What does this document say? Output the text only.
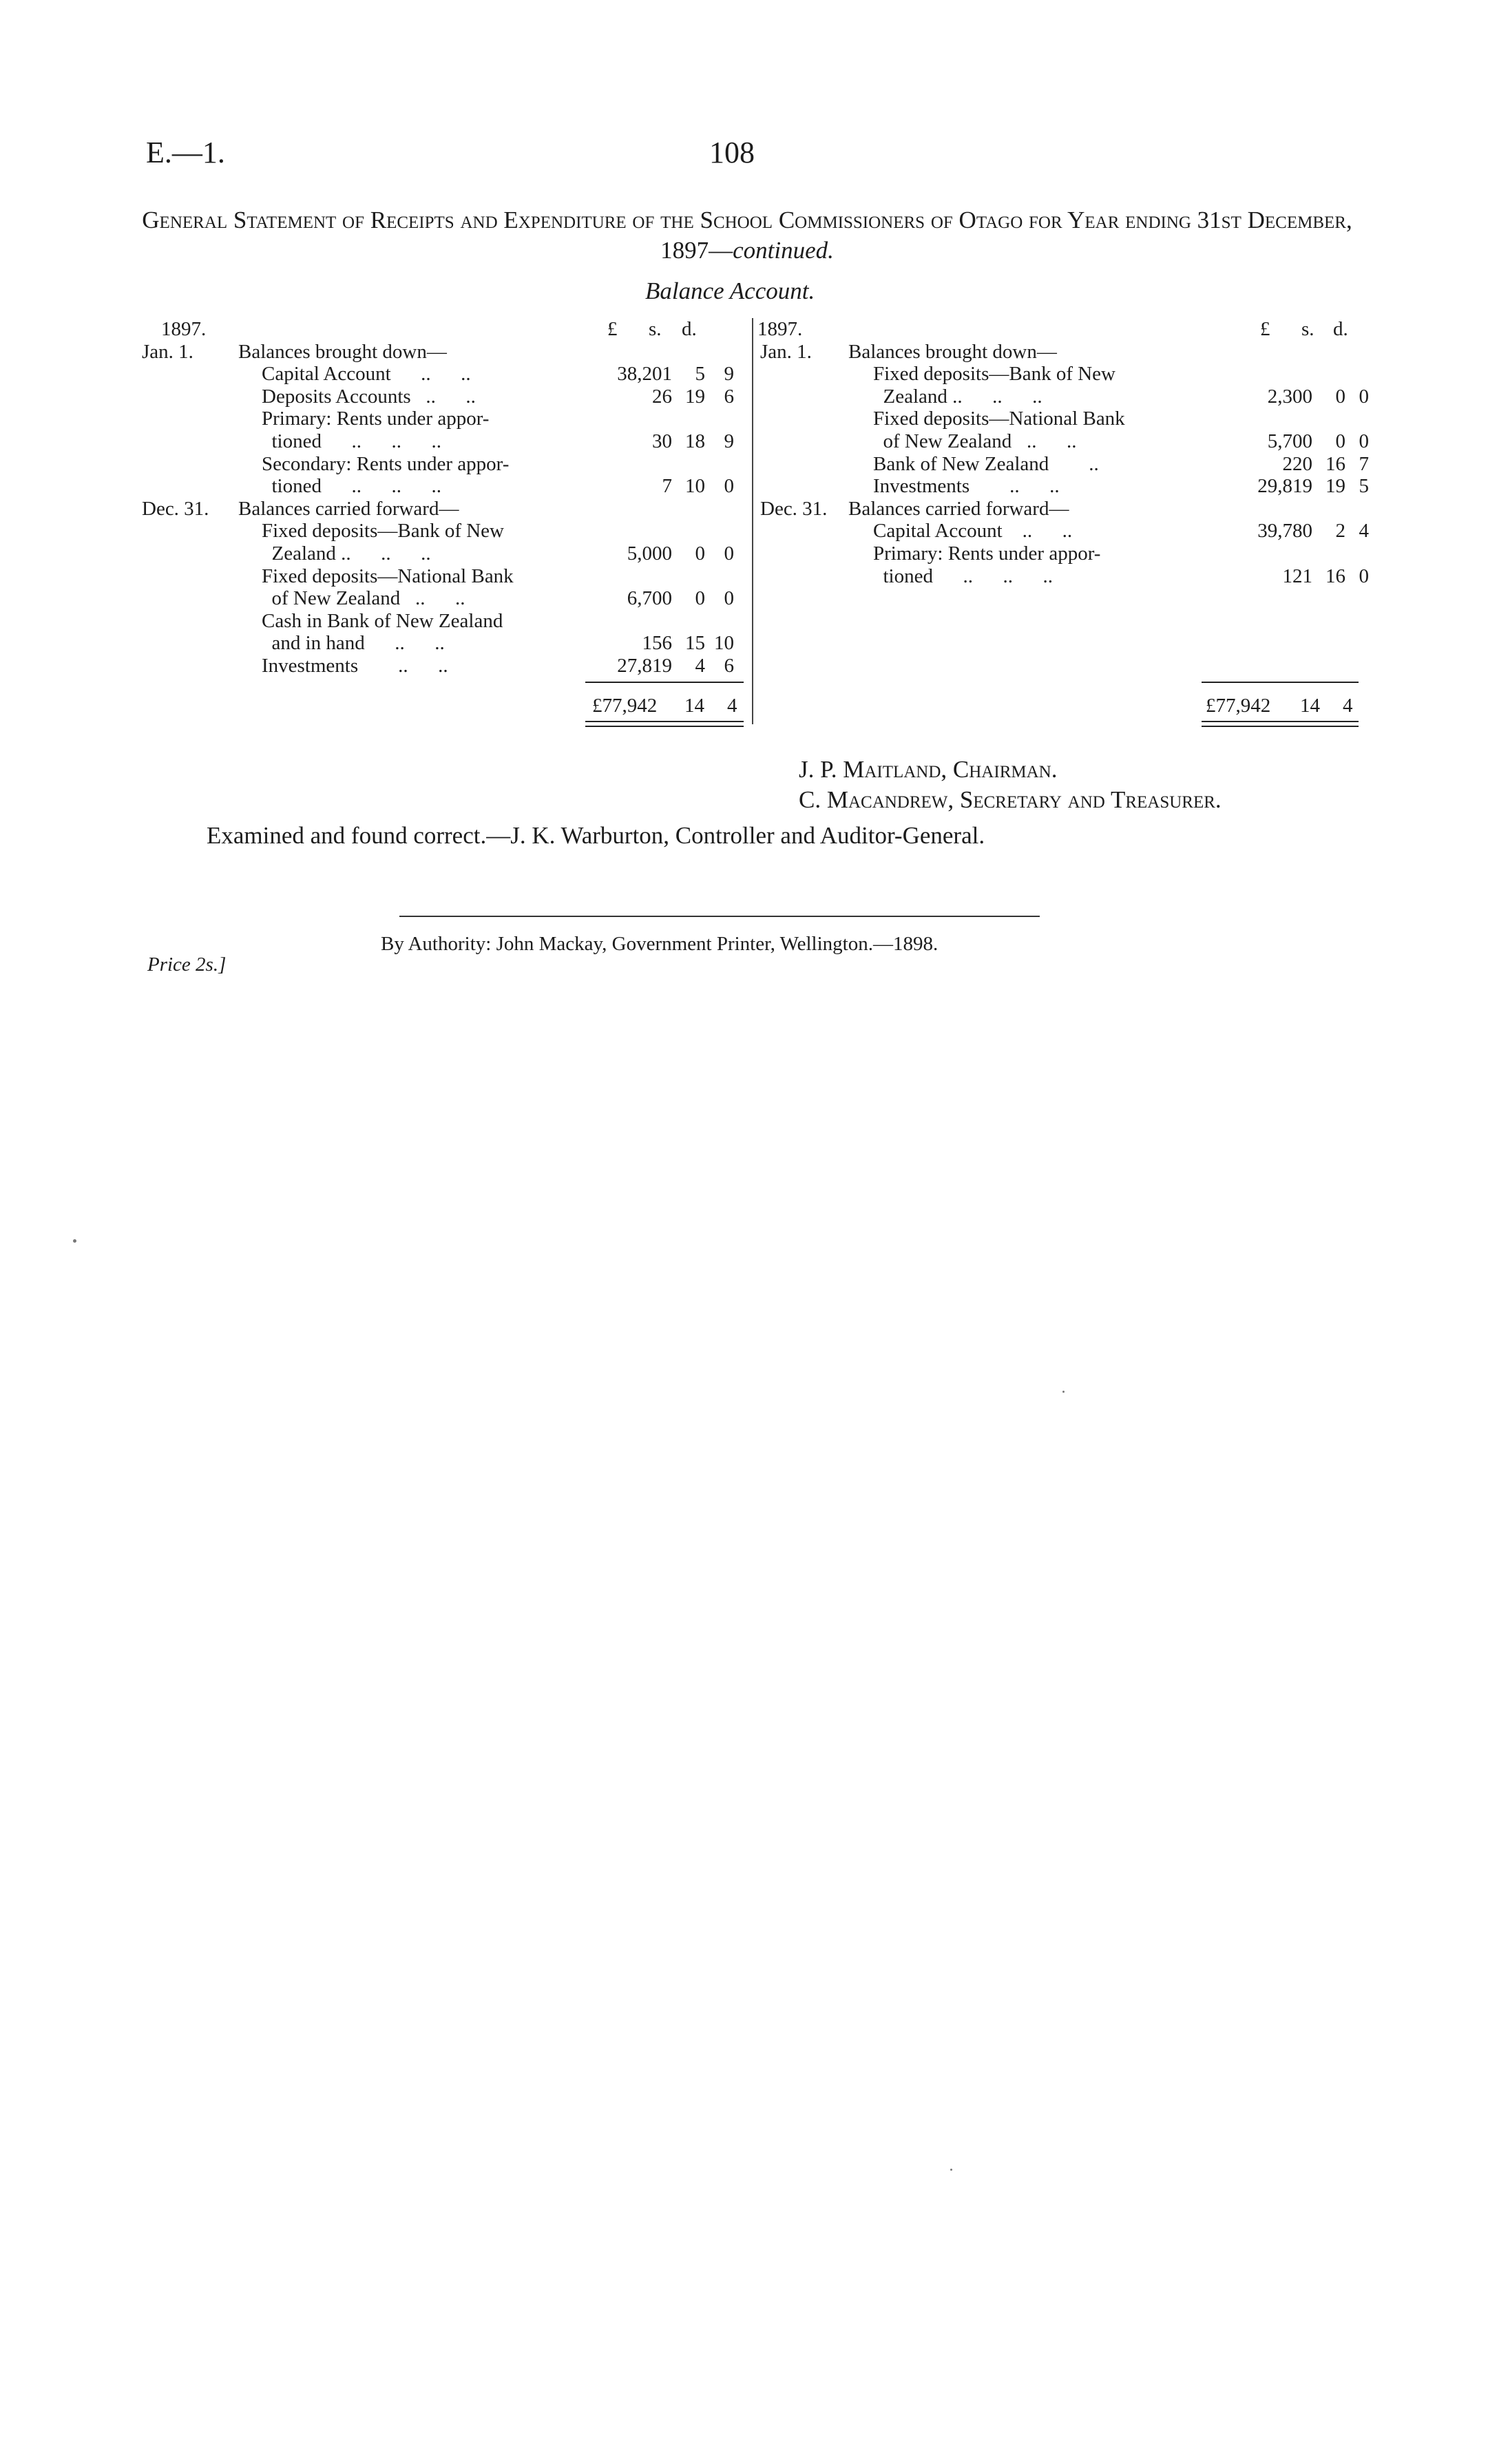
E.—1.	108
General Statement of Receipts and Expenditure of the School Commissioners of Otago for Year ending 31st December, 1897—continued.
Balance Account.
1897.	£ s. d.
Jan. 1. Balances brought down—
Capital Account      ..      ..	38,201 5 9
Deposits Accounts   ..      ..	26 19 6
Primary: Rents under appor-
tioned      ..      ..      ..	30 18 9
Secondary: Rents under appor-
tioned      ..      ..      ..	7 10 0
Dec. 31. Balances carried forward—
Fixed deposits—Bank of New
Zealand ..      ..      ..	5,000 0 0
Fixed deposits—National Bank
of New Zealand   ..      ..	6,700 0 0
Cash in Bank of New Zealand
and in hand      ..      ..	156 15 10
Investments        ..      ..	27,819 4 6
1897.	£ s. d.
Jan. 1. Balances brought down—
Fixed deposits—Bank of New
Zealand ..      ..      ..	2,300 0 0
Fixed deposits—National Bank
of New Zealand   ..      ..	5,700 0 0
Bank of New Zealand        ..	220 16 7
Investments        ..      ..	29,819 19 5
Dec. 31. Balances carried forward—
Capital Account    ..      ..	39,780 2 4
Primary: Rents under appor-
tioned      ..      ..      ..	121 16 0
£77,942 14 4	£77,942 14 4
J. P. Maitland, Chairman.
C. Macandrew, Secretary and Treasurer.
Examined and found correct.—J. K. Warburton, Controller and Auditor-General.
By Authority: John Mackay, Government Printer, Wellington.—1898.
Price 2s.]
